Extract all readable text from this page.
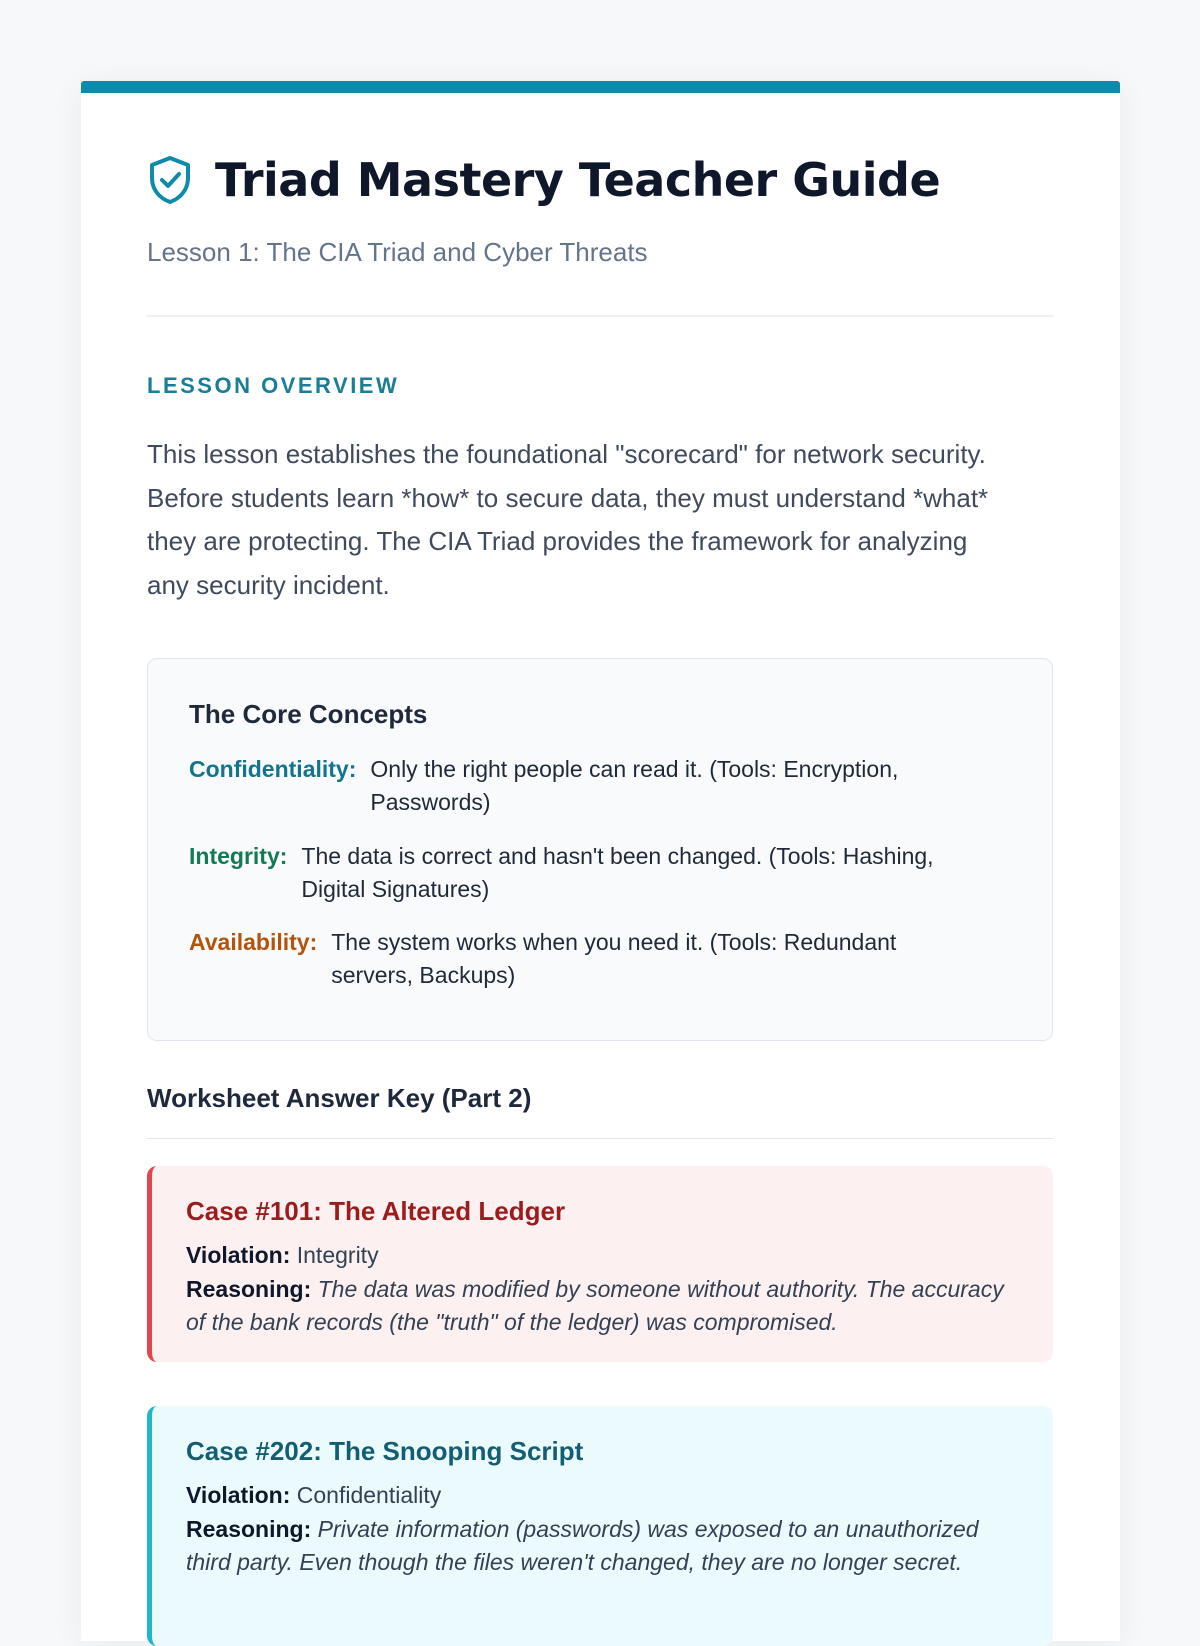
Triad Mastery Teacher Guide

Lesson 1: The CIA Triad and Cyber Threats

LESSON OVERVIEW

This lesson establishes the foundational "scorecard" for network security. Before students learn *how* to secure data, they must understand *what* they are protecting. The CIA Triad provides the framework for analyzing any security incident.

The Core Concepts
Confidentiality: Only the right people can read it. (Tools: Encryption, Passwords)
Integrity: The data is correct and hasn't been changed. (Tools: Hashing, Digital Signatures)
Availability: The system works when you need it. (Tools: Redundant servers, Backups)
Worksheet Answer Key (Part 2)
Case #101: The Altered Ledger

Violation: Integrity

Reasoning: The data was modified by someone without authority. The accuracy of the bank records (the "truth" of the ledger) was compromised.

Case #202: The Snooping Script

Violation: Confidentiality

Reasoning: Private information (passwords) was exposed to an unauthorized third party. Even though the files weren't changed, they are no longer secret.
